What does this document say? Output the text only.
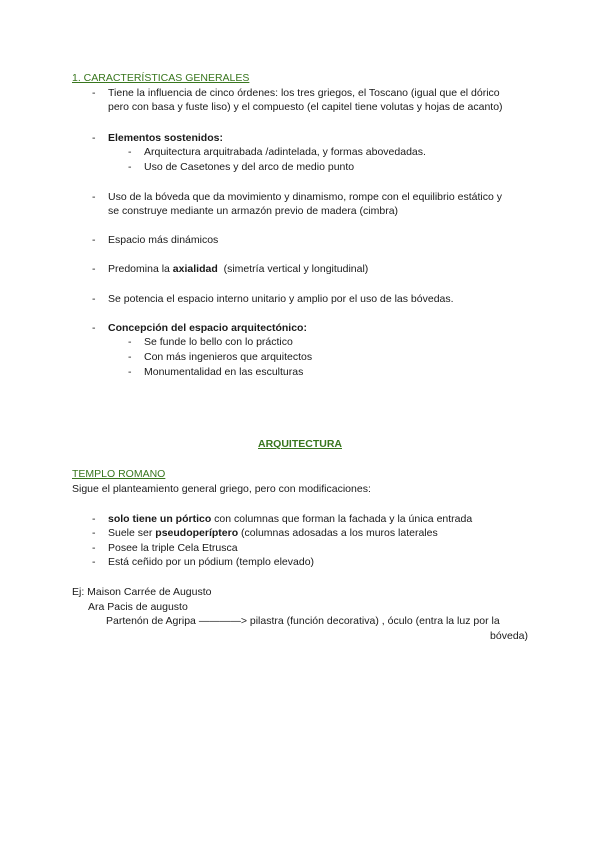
1. CARACTERÍSTICAS GENERALES

- Tiene la influencia de cinco órdenes: los tres griegos, el Toscano (igual que el dórico

pero con basa y fuste liso) y el compuesto (el capitel tiene volutas y hojas de acanto)

- Elementos sostenidos:

- Arquitectura arquitrabada /adintelada, y formas abovedadas.

- Uso de Casetones y del arco de medio punto

- Uso de la bóveda que da movimiento y dinamismo, rompe con el equilibrio estático y

se construye mediante un armazón previo de madera (cimbra)

- Espacio más dinámicos

- Predomina la axialidad  (simetría vertical y longitudinal)

- Se potencia el espacio interno unitario y amplio por el uso de las bóvedas.

- Concepción del espacio arquitectónico:

- Se funde lo bello con lo práctico

- Con más ingenieros que arquitectos

- Monumentalidad en las esculturas

ARQUITECTURA

TEMPLO ROMANO

Sigue el planteamiento general griego, pero con modificaciones:

- solo tiene un pórtico con columnas que forman la fachada y la única entrada

- Suele ser pseudoperíptero (columnas adosadas a los muros laterales

- Posee la triple Cela Etrusca

- Está ceñido por un pódium (templo elevado)

Ej: Maison Carrée de Augusto

Ara Pacis de augusto

Partenón de Agripa ————> pilastra (función decorativa) , óculo (entra la luz por la

bóveda)
